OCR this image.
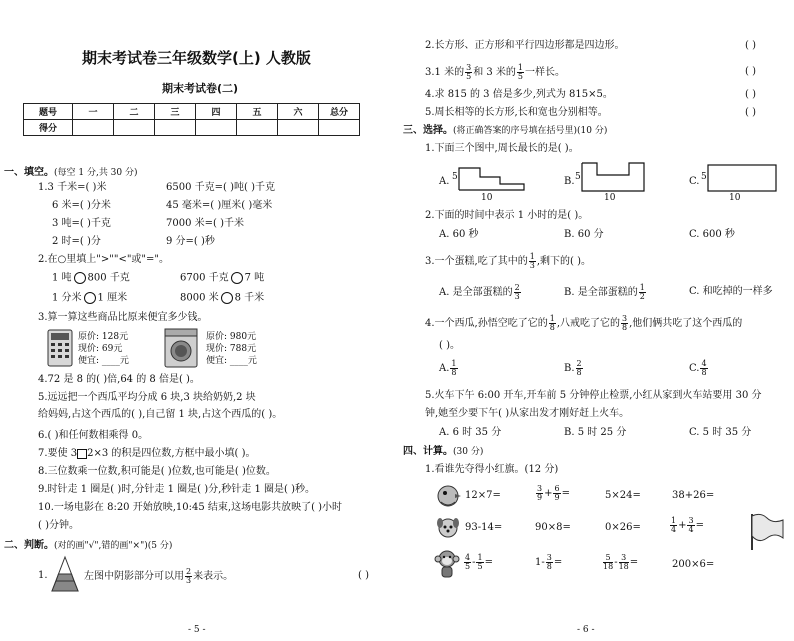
期末考试卷三年级数学(上) 人教版
期末考试卷(二)
题号	一	二	三	四	五	六	总分
得分							
一、填空。(每空 1 分,共 30 分)
1.3 千米=( )米	6500 千克=( )吨( )千克
6 米=( )分米	45 毫米=( )厘米( )毫米
3 吨=( )千克	7000 米=( )千米
2 时=( )分	9 分=( )秒
2.在○里填上">""<"或"="。
1 吨 800 千克	6700 千克 7 吨
1 分米 1 厘米	8000 米 8 千米
3.算一算这些商品比原来便宜多少钱。
原价: 128元
现价: 69元
便宜: ____元
原价: 980元
现价: 788元
便宜: ____元
4.72 是 8 的( )倍,64 的 8 倍是( )。
5.远远把一个西瓜平均分成 6 块,3 块给奶奶,2 块
给妈妈,占这个西瓜的( ),自己留 1 块,占这个西瓜的( )。
6.( )和任何数相乘得 0。
7.要使 3 2×3 的积是四位数,方框中最小填( )。
8.三位数乘一位数,积可能是( )位数,也可能是( )位数。
9.时针走 1 圈是( )时,分针走 1 圈是( )分,秒针走 1 圈是( )秒。
10.一场电影在 8:20 开始放映,10:45 结束,这场电影共放映了( )小时
( )分钟。
二、判断。(对的画"√",错的画"×")(5 分)
1.	左图中阴影部分可以用 $\frac{2}{3}$ 来表示。	( )
- 5 -
2.长方形、正方形和平行四边形都是四边形。	( )
3.1 米的 $\frac{3}{5}$ 和 3 米的 $\frac{1}{5}$ 一样长。	( )
4.求 815 的 3 倍是多少,列式为 815×5。	( )
5.周长相等的长方形,长和宽也分别相等。	( )
三、选择。(将正确答案的序号填在括号里)(10 分)
1.下面三个图中,周长最长的是( )。
A. 5
10
B. 5
10
C. 5
10
2.下面的时间中表示 1 小时的是( )。
A. 60 秒	B. 60 分	C. 600 秒
3.一个蛋糕,吃了其中的 $\frac{1}{3}$ ,剩下的( )。
A. 是全部蛋糕的 $\frac{2}{3}$	B. 是全部蛋糕的 $\frac{1}{2}$	C. 和吃掉的一样多
4.一个西瓜,孙悟空吃了它的 $\frac{1}{8}$ ,八戒吃了它的 $\frac{3}{8}$ ,他们俩共吃了这个西瓜的
( )。
A. $\frac{1}{8}$	B. $\frac{2}{8}$	C. $\frac{4}{8}$
5.火车下午 6:00 开车,开车前 5 分钟停止检票,小红从家到火车站要用 30 分
钟,她至少要下午( )从家出发才刚好赶上火车。
A. 6 时 35 分	B. 5 时 25 分	C. 5 时 35 分
四、计算。(30 分)
1.看谁先夺得小红旗。(12 分)
12×7=	$\frac{3}{9} + \frac{6}{9}$ =	5×24=	38+26=
93-14=	90×8=	0×26=	$\frac{1}{4} + \frac{3}{4}$ =
$\frac{4}{5} - \frac{1}{5}$ =	$1- \frac{3}{8}$ =	$\frac{5}{18} - \frac{3}{18}$ =	200×6=
- 6 -
